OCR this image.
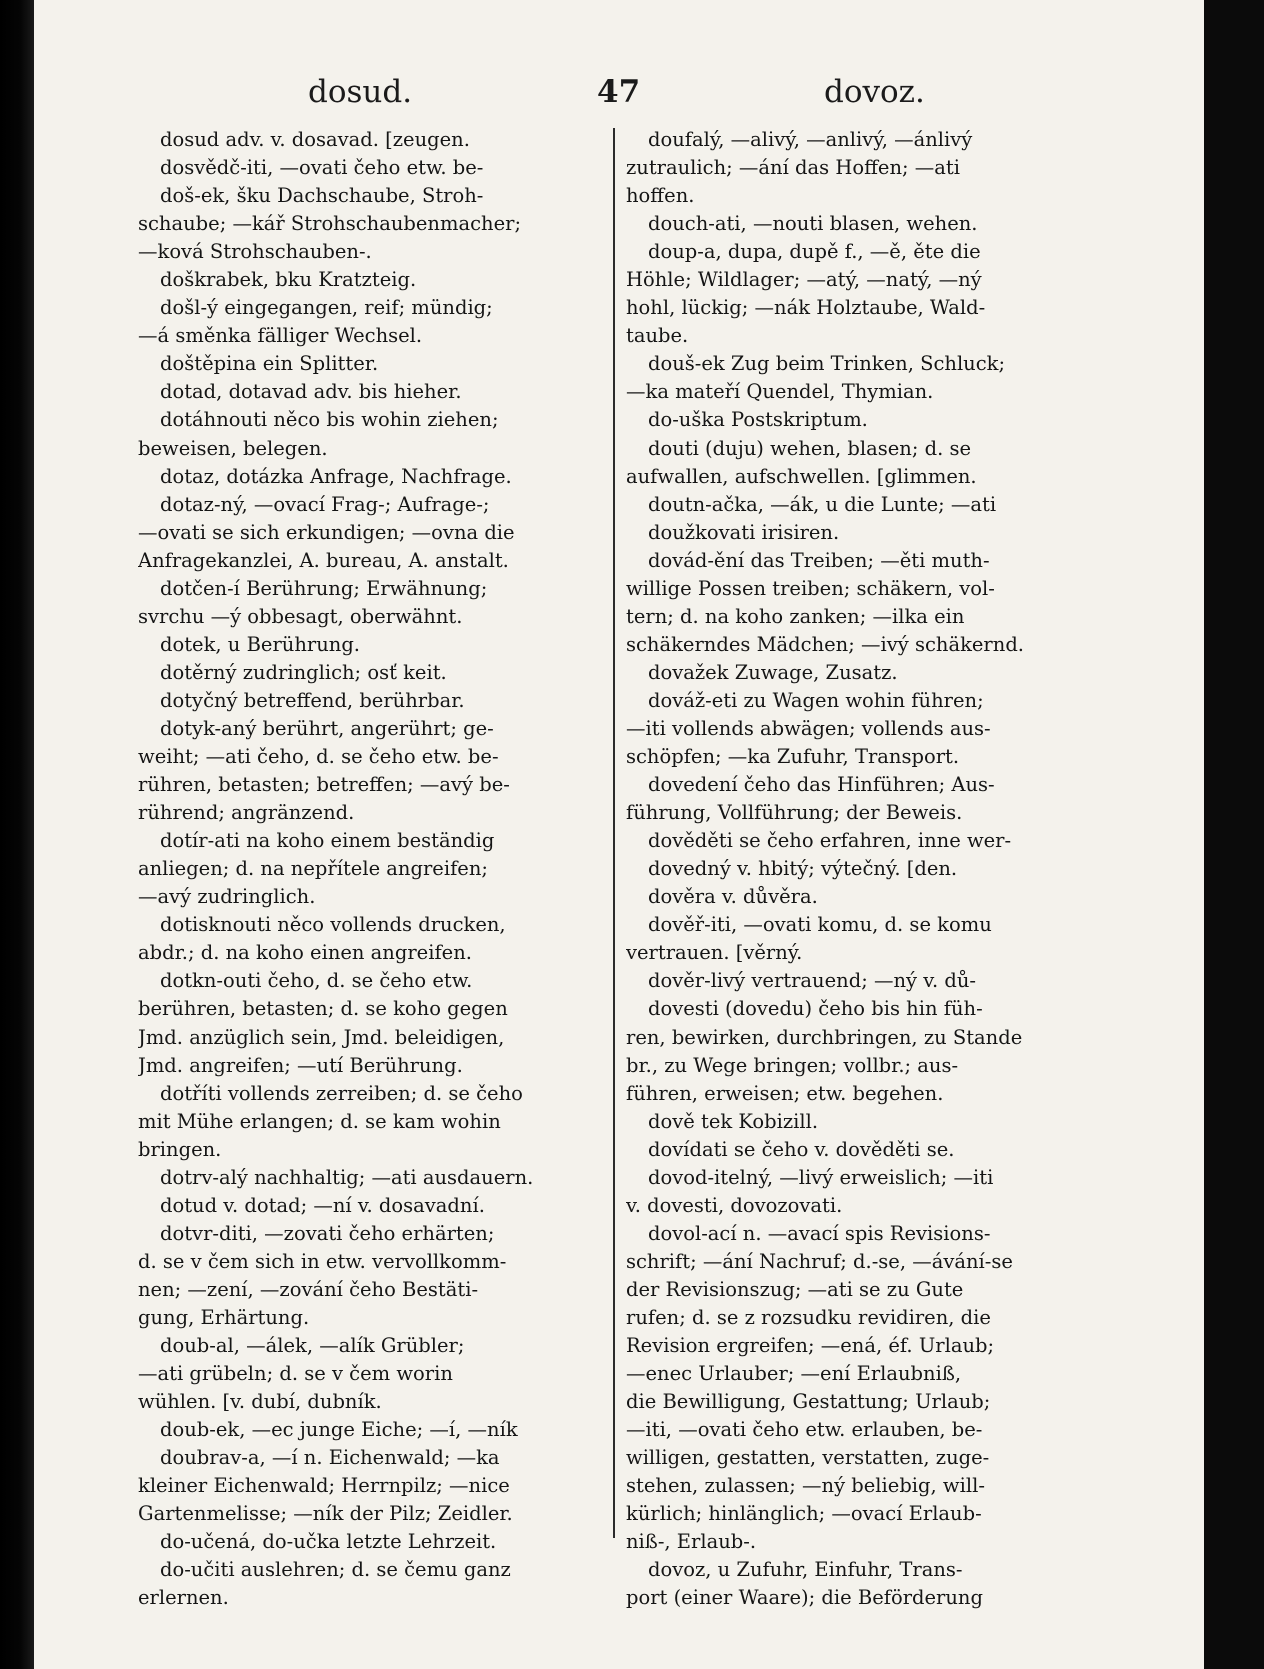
dosud.	47	dovoz.
dosud adv. v. dosavad. [zeugen.
dosvědč-iti, —ovati čeho etw. be-
doš-ek, šku Dachschaube, Stroh-
schaube; —kář Strohschaubenmacher;
—ková Strohschauben-.
doškrabek, bku Kratzteig.
došl-ý eingegangen, reif; mündig;
—á směnka fälliger Wechsel.
doštěpina ein Splitter.
dotad, dotavad adv. bis hieher.
dotáhnouti něco bis wohin ziehen;
beweisen, belegen.
dotaz, dotázka Anfrage, Nachfrage.
dotaz-ný, —ovací Frag-; Aufrage-;
—ovati se sich erkundigen; —ovna die
Anfragekanzlei, A. bureau, A. anstalt.
dotčen-í Berührung; Erwähnung;
svrchu —ý obbesagt, oberwähnt.
dotek, u Berührung.
dotěrný zudringlich; osť keit.
dotyčný betreffend, berührbar.
dotyk-aný berührt, angerührt; ge-
weiht; —ati čeho, d. se čeho etw. be-
rühren, betasten; betreffen; —avý be-
rührend; angränzend.
dotír-ati na koho einem beständig
anliegen; d. na nepřítele angreifen;
—avý zudringlich.
dotisknouti něco vollends drucken,
abdr.; d. na koho einen angreifen.
dotkn-outi čeho, d. se čeho etw.
berühren, betasten; d. se koho gegen
Jmd. anzüglich sein, Jmd. beleidigen,
Jmd. angreifen; —utí Berührung.
dotříti vollends zerreiben; d. se čeho
mit Mühe erlangen; d. se kam wohin
bringen.
dotrv-alý nachhaltig; —ati ausdauern.
dotud v. dotad; —ní v. dosavadní.
dotvr-diti, —zovati čeho erhärten;
d. se v čem sich in etw. vervollkomm-
nen; —zení, —zování čeho Bestäti-
gung, Erhärtung.
doub-al, —álek, —alík Grübler;
—ati grübeln; d. se v čem worin
wühlen. [v. dubí, dubník.
doub-ek, —ec junge Eiche; —í, —ník
doubrav-a, —í n. Eichenwald; —ka
kleiner Eichenwald; Herrnpilz; —nice
Gartenmelisse; —ník der Pilz; Zeidler.
do-učená, do-učka letzte Lehrzeit.
do-učiti auslehren; d. se čemu ganz
erlernen.
doufalý, —alivý, —anlivý, —ánlivý
zutraulich; —ání das Hoffen; —ati
hoffen.
douch-ati, —nouti blasen, wehen.
doup-a, dupa, dupě f., —ě, ěte die
Höhle; Wildlager; —atý, —natý, —ný
hohl, lückig; —nák Holztaube, Wald-
taube.
douš-ek Zug beim Trinken, Schluck;
—ka mateří Quendel, Thymian.
do-uška Postskriptum.
douti (duju) wehen, blasen; d. se
aufwallen, aufschwellen. [glimmen.
doutn-ačka, —ák, u die Lunte; —ati
doužkovati irisiren.
dovád-ění das Treiben; —ěti muth-
willige Possen treiben; schäkern, vol-
tern; d. na koho zanken; —ilka ein
schäkerndes Mädchen; —ivý schäkernd.
dovažek Zuwage, Zusatz.
dováž-eti zu Wagen wohin führen;
—iti vollends abwägen; vollends aus-
schöpfen; —ka Zufuhr, Transport.
dovedení čeho das Hinführen; Aus-
führung, Vollführung; der Beweis.
dověděti se čeho erfahren, inne wer-
dovedný v. hbitý; výtečný. [den.
dověra v. důvěra.
dověř-iti, —ovati komu, d. se komu
vertrauen. [věrný.
dověr-livý vertrauend; —ný v. dů-
dovesti (dovedu) čeho bis hin füh-
ren, bewirken, durchbringen, zu Stande
br., zu Wege bringen; vollbr.; aus-
führen, erweisen; etw. begehen.
dově tek Kobizill.
dovídati se čeho v. dověděti se.
dovod-itelný, —livý erweislich; —iti
v. dovesti, dovozovati.
dovol-ací n. —avací spis Revisions-
schrift; —ání Nachruf; d.-se, —ávání-se
der Revisionszug; —ati se zu Gute
rufen; d. se z rozsudku revidiren, die
Revision ergreifen; —ená, éf. Urlaub;
—enec Urlauber; —ení Erlaubniß,
die Bewilligung, Gestattung; Urlaub;
—iti, —ovati čeho etw. erlauben, be-
willigen, gestatten, verstatten, zuge-
stehen, zulassen; —ný beliebig, will-
kürlich; hinlänglich; —ovací Erlaub-
niß-, Erlaub-.
dovoz, u Zufuhr, Einfuhr, Trans-
port (einer Waare); die Beförderung
